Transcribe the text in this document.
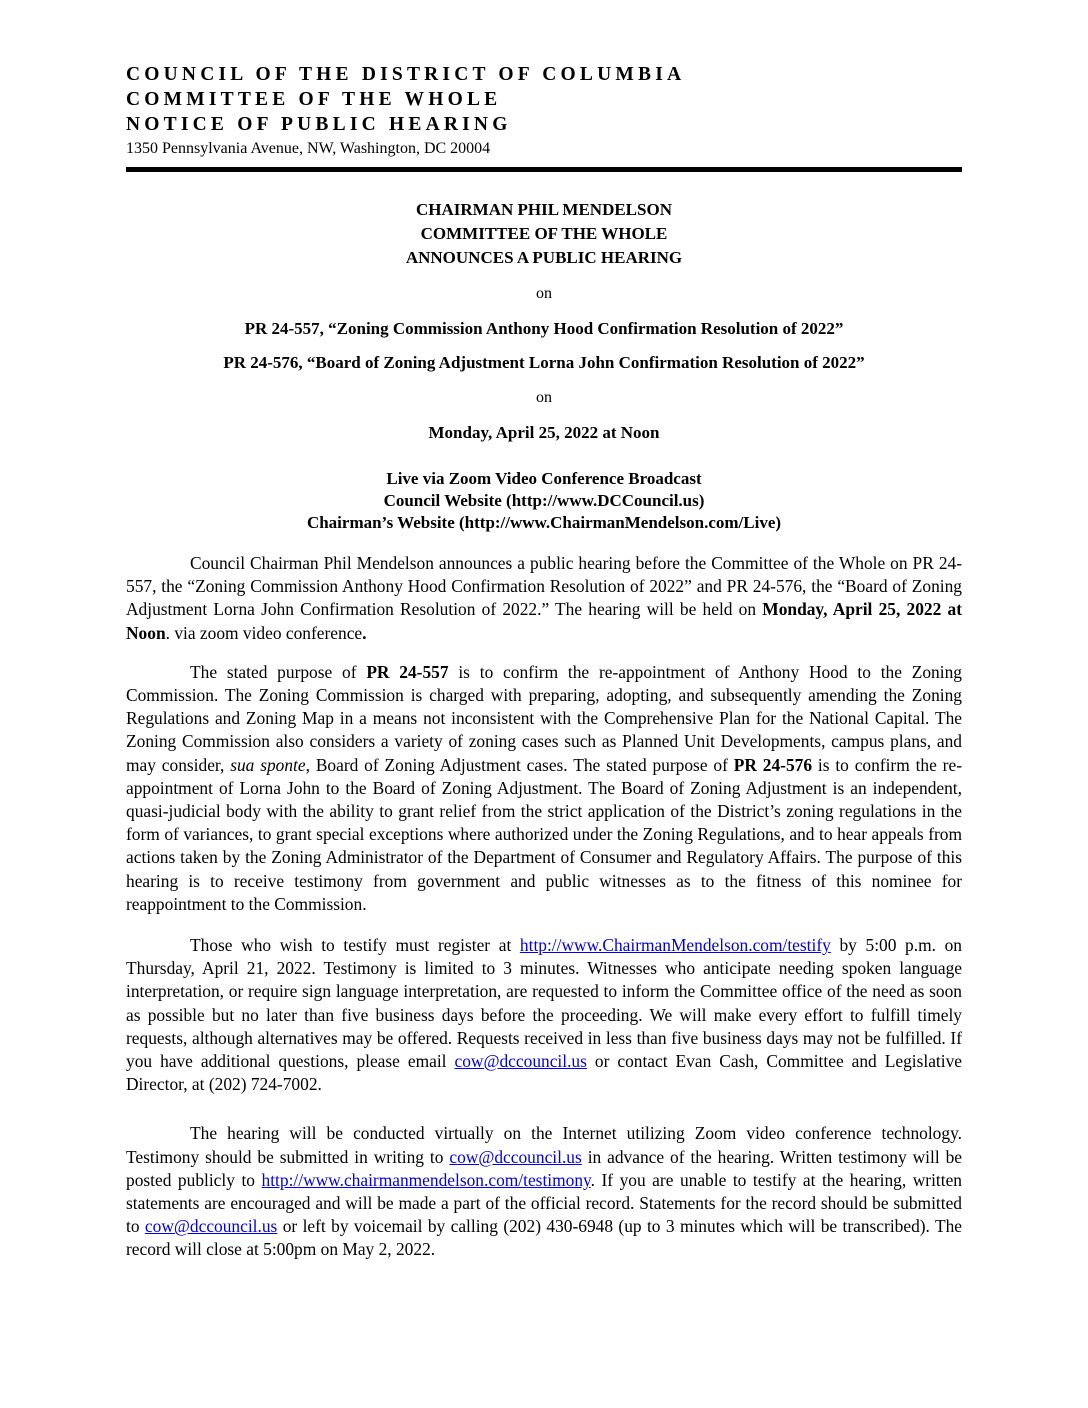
COUNCIL OF THE DISTRICT OF COLUMBIA

COMMITTEE OF THE WHOLE

NOTICE OF PUBLIC HEARING

1350 Pennsylvania Avenue, NW, Washington, DC 20004
CHAIRMAN PHIL MENDELSON
COMMITTEE OF THE WHOLE
ANNOUNCES A PUBLIC HEARING
on
PR 24-557, “Zoning Commission Anthony Hood Confirmation Resolution of 2022”
PR 24-576, “Board of Zoning Adjustment Lorna John Confirmation Resolution of 2022”
on
Monday, April 25, 2022 at Noon
Live via Zoom Video Conference Broadcast
Council Website (http://www.DCCouncil.us)
Chairman’s Website (http://www.ChairmanMendelson.com/Live)

Council Chairman Phil Mendelson announces a public hearing before the Committee of the Whole on PR 24-557, the “Zoning Commission Anthony Hood Confirmation Resolution of 2022” and PR 24-576, the “Board of Zoning Adjustment Lorna John Confirmation Resolution of 2022.” The hearing will be held on Monday, April 25, 2022 at Noon. via zoom video conference.

The stated purpose of PR 24-557 is to confirm the re-appointment of Anthony Hood to the Zoning Commission. The Zoning Commission is charged with preparing, adopting, and subsequently amending the Zoning Regulations and Zoning Map in a means not inconsistent with the Comprehensive Plan for the National Capital. The Zoning Commission also considers a variety of zoning cases such as Planned Unit Developments, campus plans, and may consider, sua sponte, Board of Zoning Adjustment cases. The stated purpose of PR 24-576 is to confirm the re-appointment of Lorna John to the Board of Zoning Adjustment. The Board of Zoning Adjustment is an independent, quasi-judicial body with the ability to grant relief from the strict application of the District’s zoning regulations in the form of variances, to grant special exceptions where authorized under the Zoning Regulations, and to hear appeals from actions taken by the Zoning Administrator of the Department of Consumer and Regulatory Affairs. The purpose of this hearing is to receive testimony from government and public witnesses as to the fitness of this nominee for reappointment to the Commission.

Those who wish to testify must register at http://www.ChairmanMendelson.com/testify by 5:00 p.m. on Thursday, April 21, 2022. Testimony is limited to 3 minutes. Witnesses who anticipate needing spoken language interpretation, or require sign language interpretation, are requested to inform the Committee office of the need as soon as possible but no later than five business days before the proceeding. We will make every effort to fulfill timely requests, although alternatives may be offered. Requests received in less than five business days may not be fulfilled. If you have additional questions, please email cow@dccouncil.us or contact Evan Cash, Committee and Legislative Director, at (202) 724-7002.

The hearing will be conducted virtually on the Internet utilizing Zoom video conference technology. Testimony should be submitted in writing to cow@dccouncil.us in advance of the hearing. Written testimony will be posted publicly to http://www.chairmanmendelson.com/testimony. If you are unable to testify at the hearing, written statements are encouraged and will be made a part of the official record. Statements for the record should be submitted to cow@dccouncil.us or left by voicemail by calling (202) 430-6948 (up to 3 minutes which will be transcribed). The record will close at 5:00pm on May 2, 2022.
